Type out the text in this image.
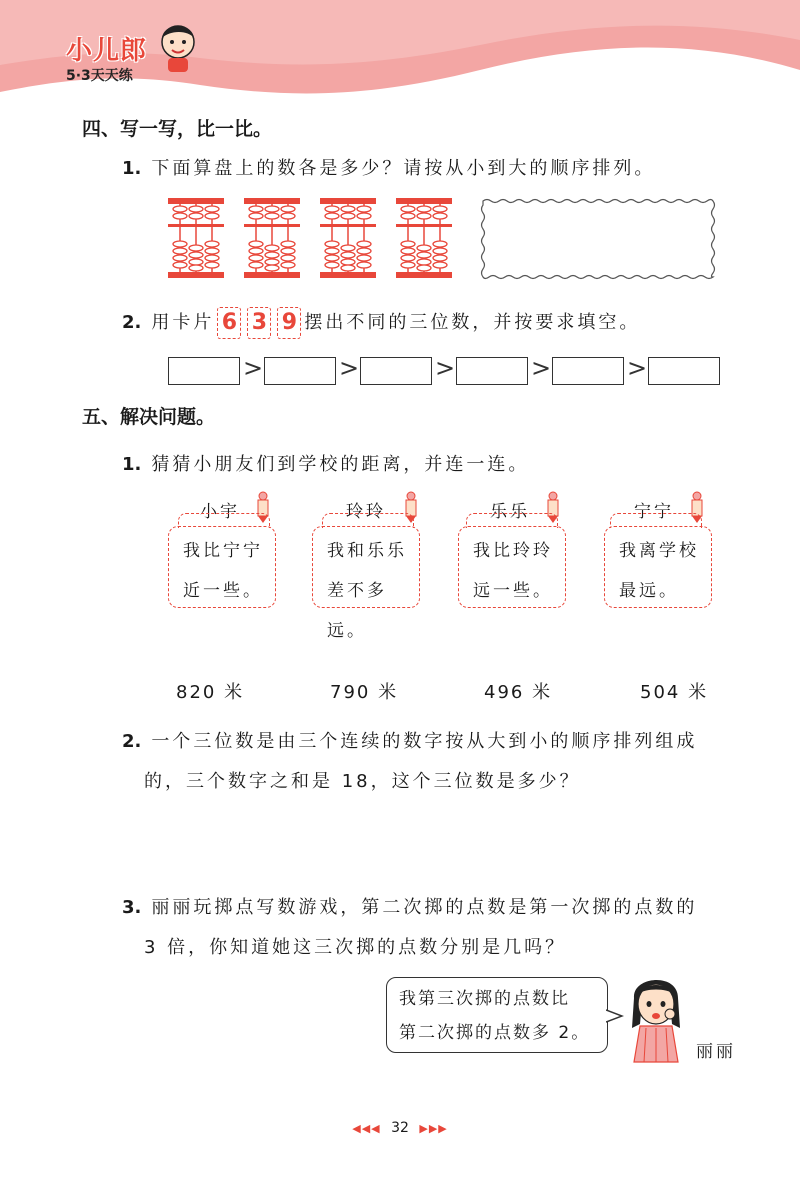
小儿郎
5·3天天练
四、写一写，比一比。
1. 下面算盘上的数各是多少？请按从小到大的顺序排列。
2. 用卡片 6 3 9 摆出不同的三位数，并按要求填空。
>	>	>	>	>
五、解决问题。
1. 猜猜小朋友们到学校的距离，并连一连。
小宇	玲玲	乐乐	宁宁
我比宁宁
近一些。
我和乐乐
差不多远。
我比玲玲
远一些。
我离学校
最远。
820 米	790 米	496 米	504 米
2. 一个三位数是由三个连续的数字按从大到小的顺序排列组成
的，三个数字之和是 18，这个三位数是多少？
3. 丽丽玩掷点写数游戏，第二次掷的点数是第一次掷的点数的
3 倍，你知道她这三次掷的点数分别是几吗？
我第三次掷的点数比
第二次掷的点数多 2。
丽丽
◀◀◀ 32 ▶▶▶
